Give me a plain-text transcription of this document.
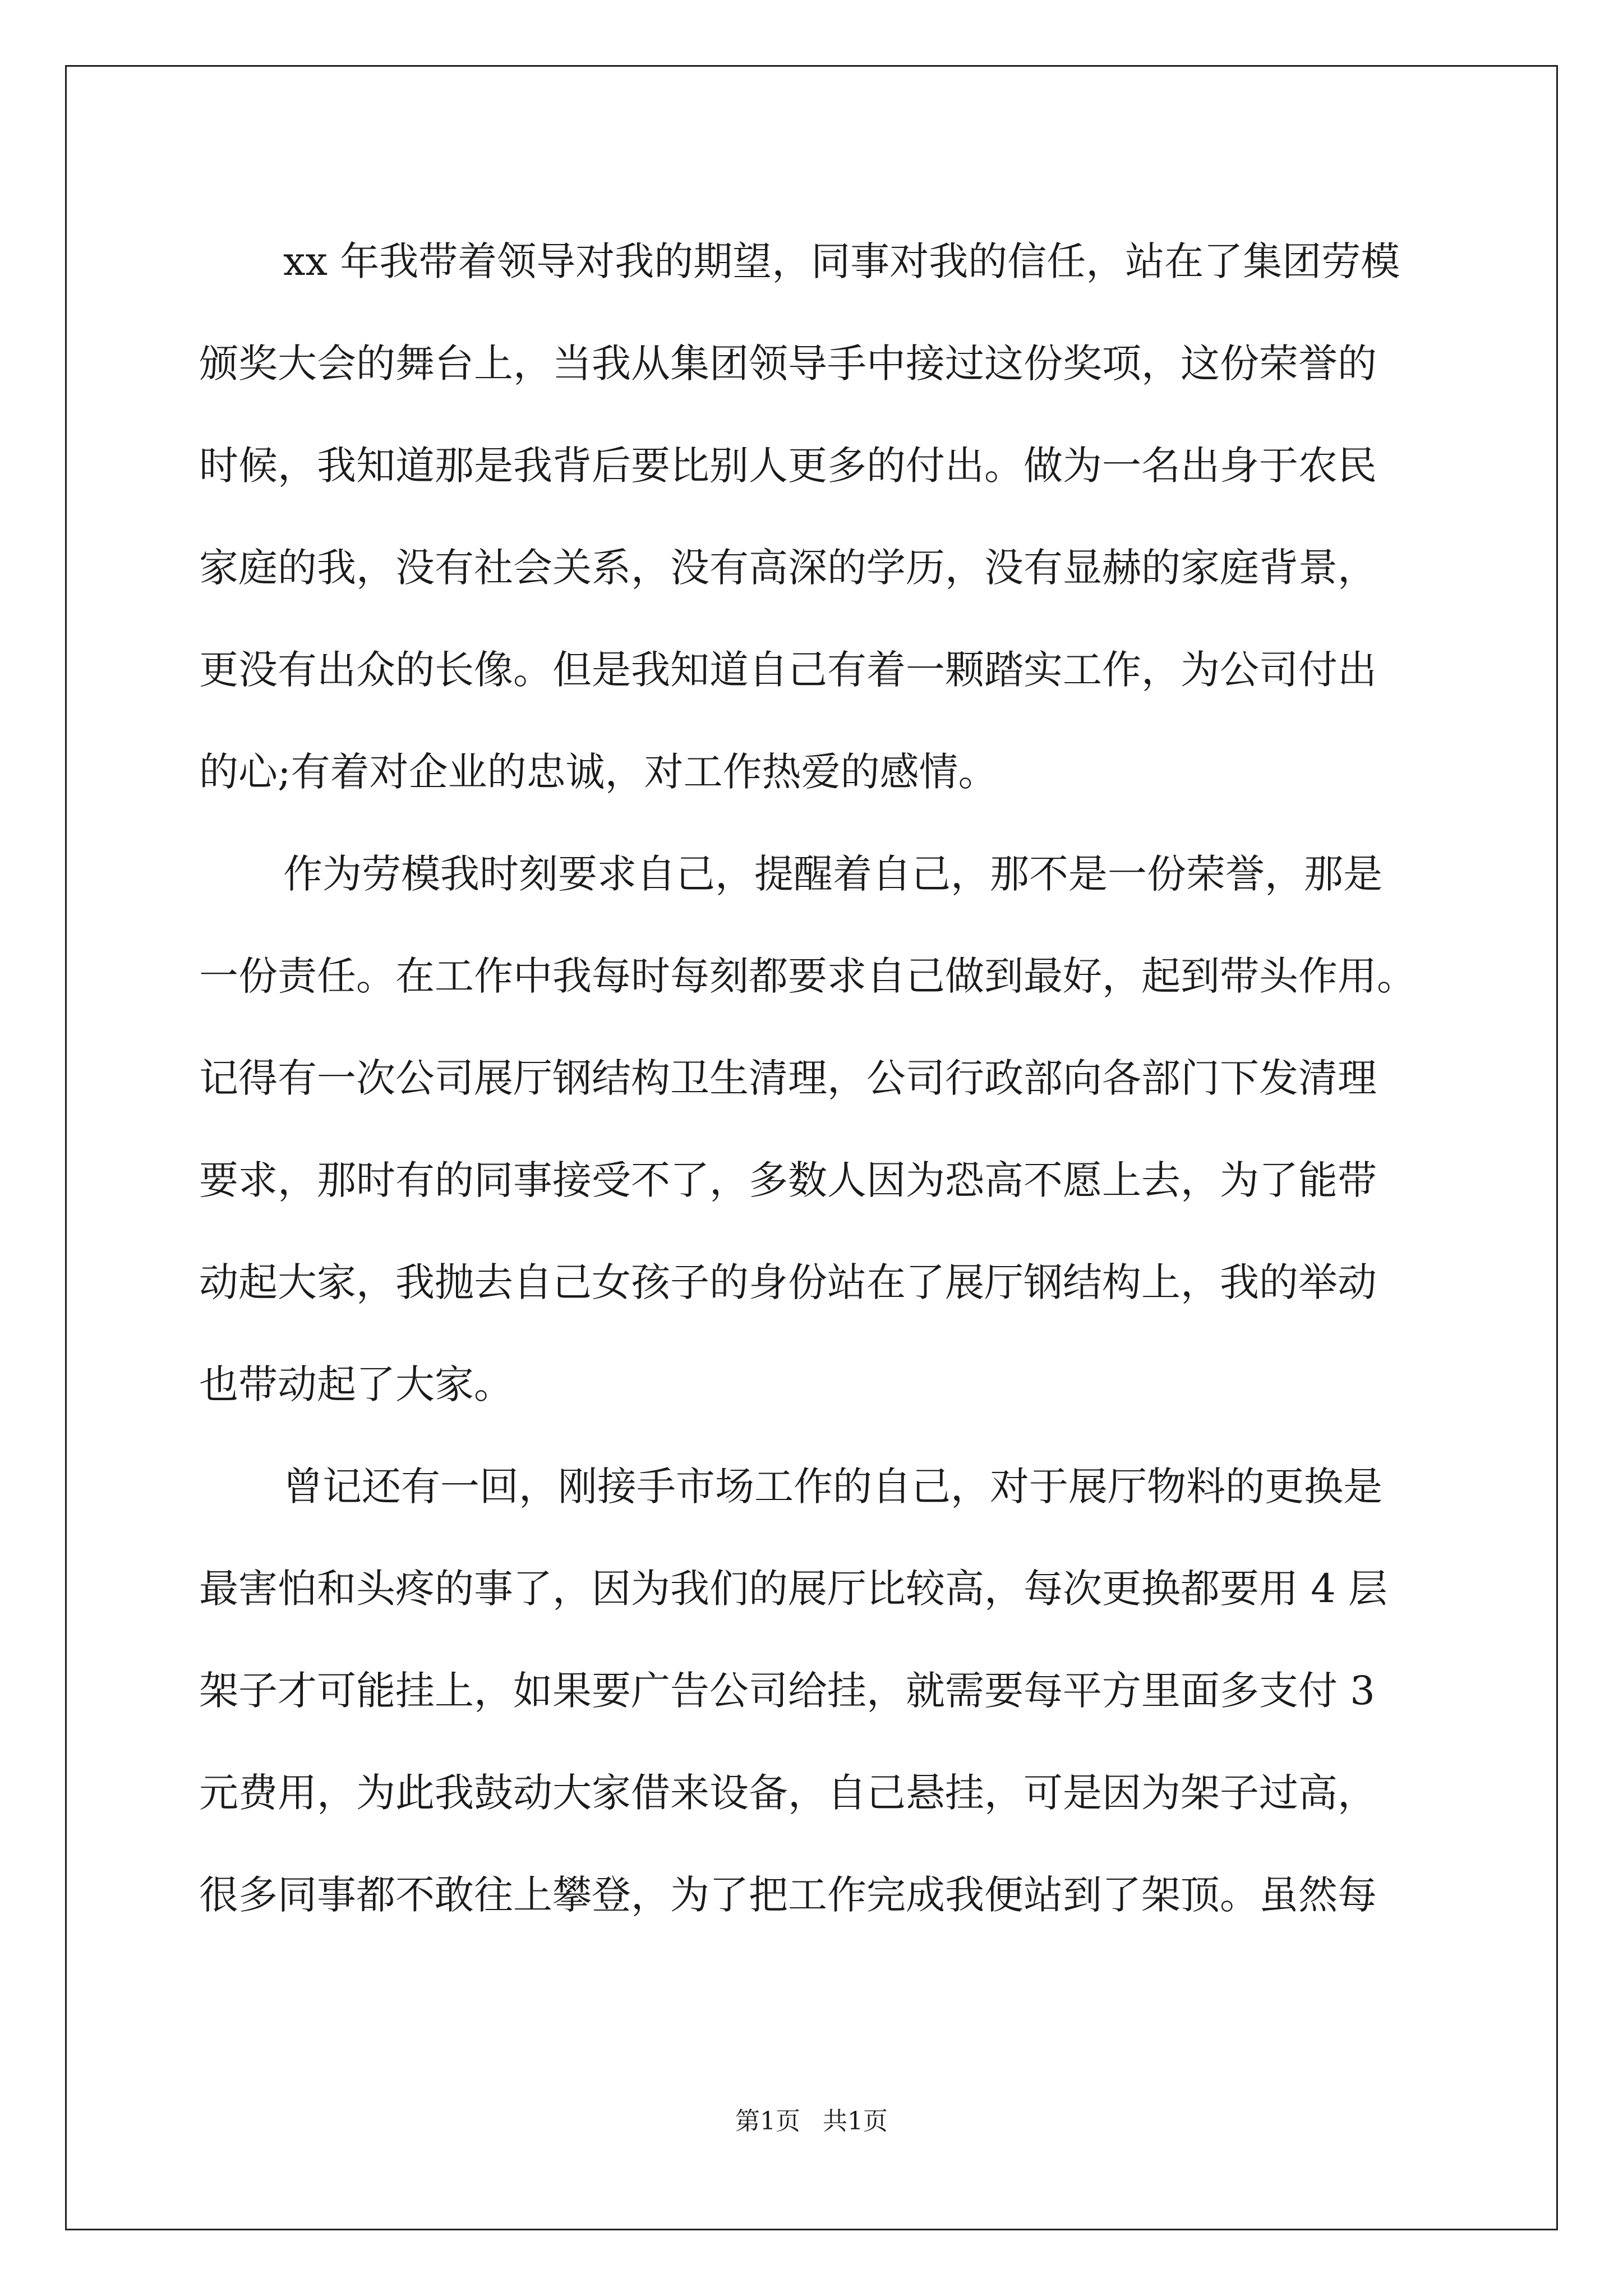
xx 年我带着领导对我的期望，同事对我的信任，站在了集团劳模
颁奖大会的舞台上，当我从集团领导手中接过这份奖项，这份荣誉的
时候，我知道那是我背后要比别人更多的付出。做为一名出身于农民
家庭的我，没有社会关系，没有高深的学历，没有显赫的家庭背景，
更没有出众的长像。但是我知道自己有着一颗踏实工作，为公司付出
的心;有着对企业的忠诚，对工作热爱的感情。
作为劳模我时刻要求自己，提醒着自己，那不是一份荣誉，那是
一份责任。在工作中我每时每刻都要求自己做到最好，起到带头作用。
记得有一次公司展厅钢结构卫生清理，公司行政部向各部门下发清理
要求，那时有的同事接受不了，多数人因为恐高不愿上去，为了能带
动起大家，我抛去自己女孩子的身份站在了展厅钢结构上，我的举动
也带动起了大家。
曾记还有一回，刚接手市场工作的自己，对于展厅物料的更换是
最害怕和头疼的事了，因为我们的展厅比较高，每次更换都要用 4 层
架子才可能挂上，如果要广告公司给挂，就需要每平方里面多支付 3
元费用，为此我鼓动大家借来设备，自己悬挂，可是因为架子过高，
很多同事都不敢往上攀登，为了把工作完成我便站到了架顶。虽然每
第1页 共1页
